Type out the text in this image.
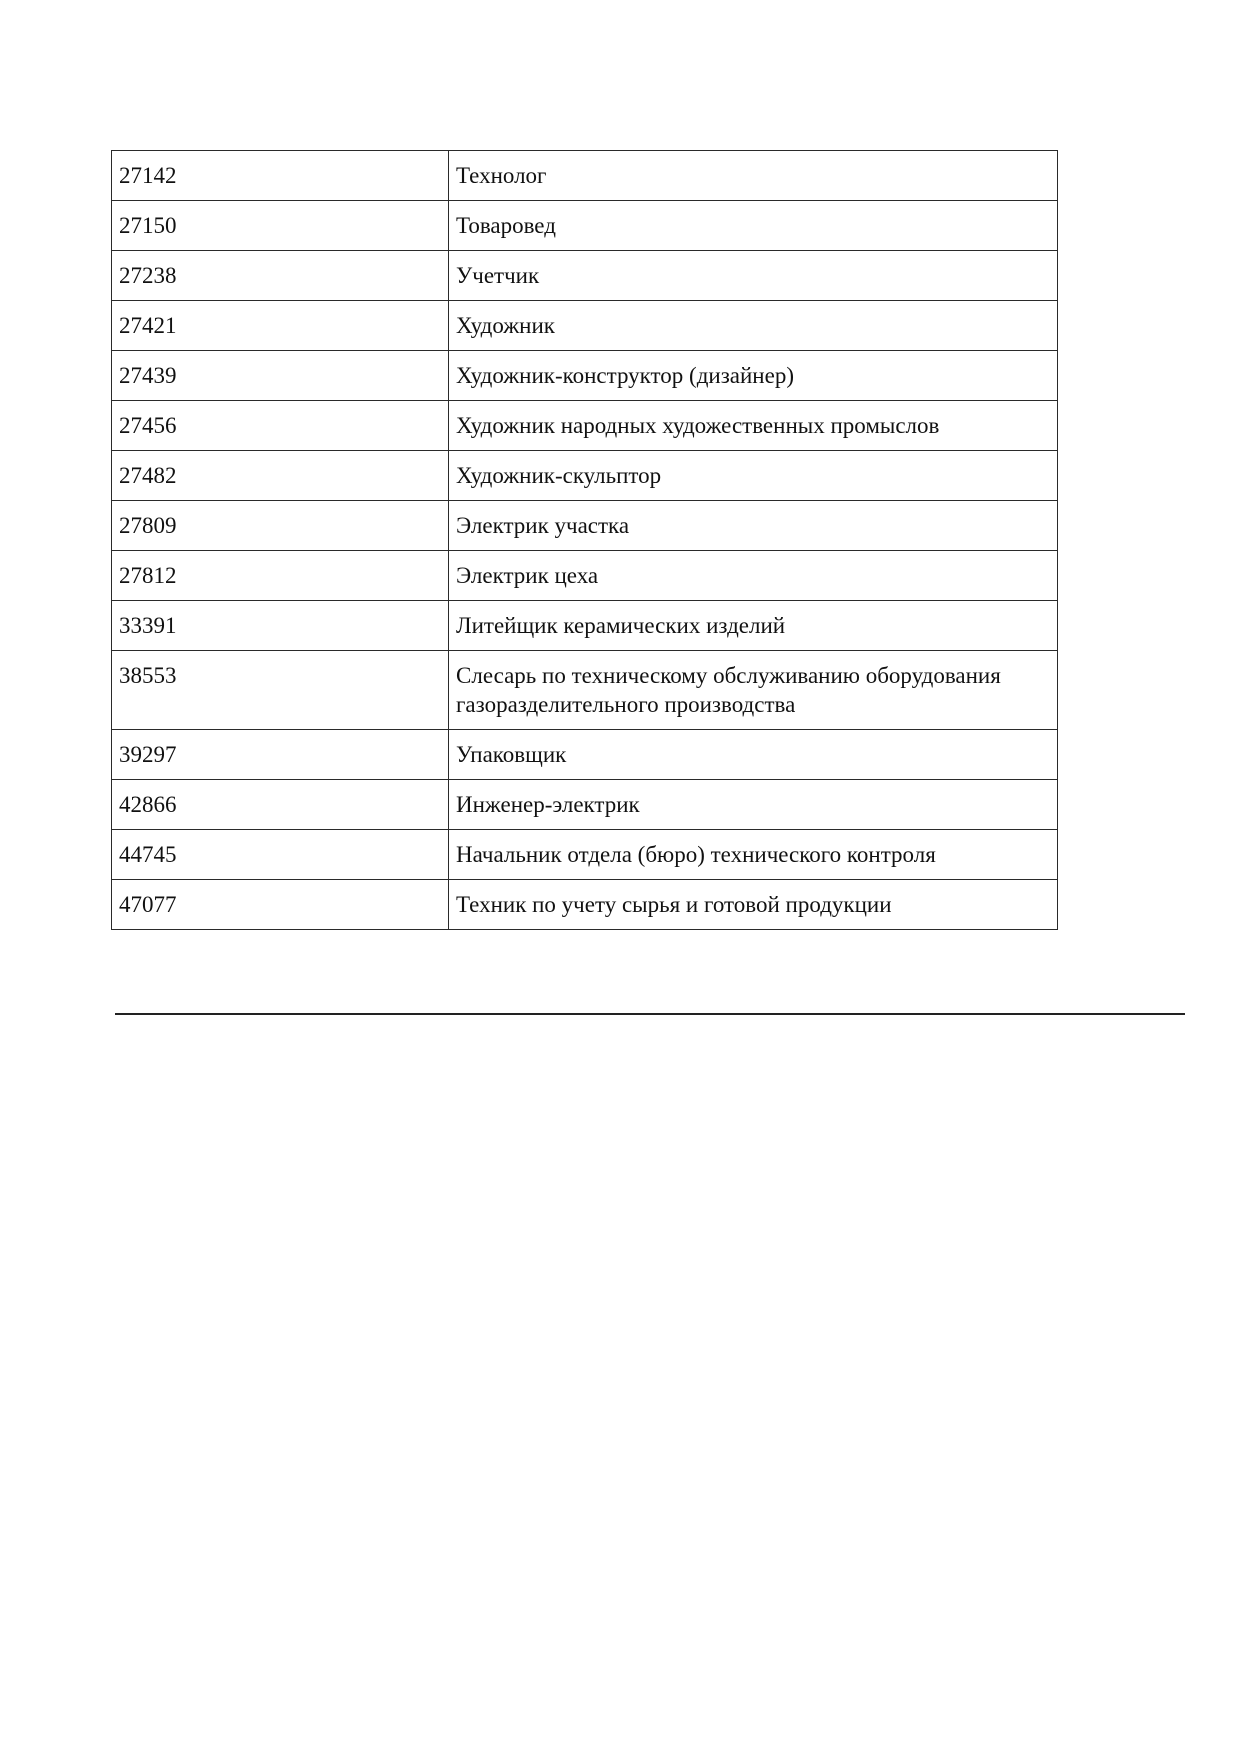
27142	Технолог
27150	Товаровед
27238	Учетчик
27421	Художник
27439	Художник-конструктор (дизайнер)
27456	Художник народных художественных промыслов
27482	Художник-скульптор
27809	Электрик участка
27812	Электрик цеха
33391	Литейщик керамических изделий
38553	Слесарь по техническому обслуживанию оборудования газоразделительного производства
39297	Упаковщик
42866	Инженер-электрик
44745	Начальник отдела (бюро) технического контроля
47077	Техник по учету сырья и готовой продукции
